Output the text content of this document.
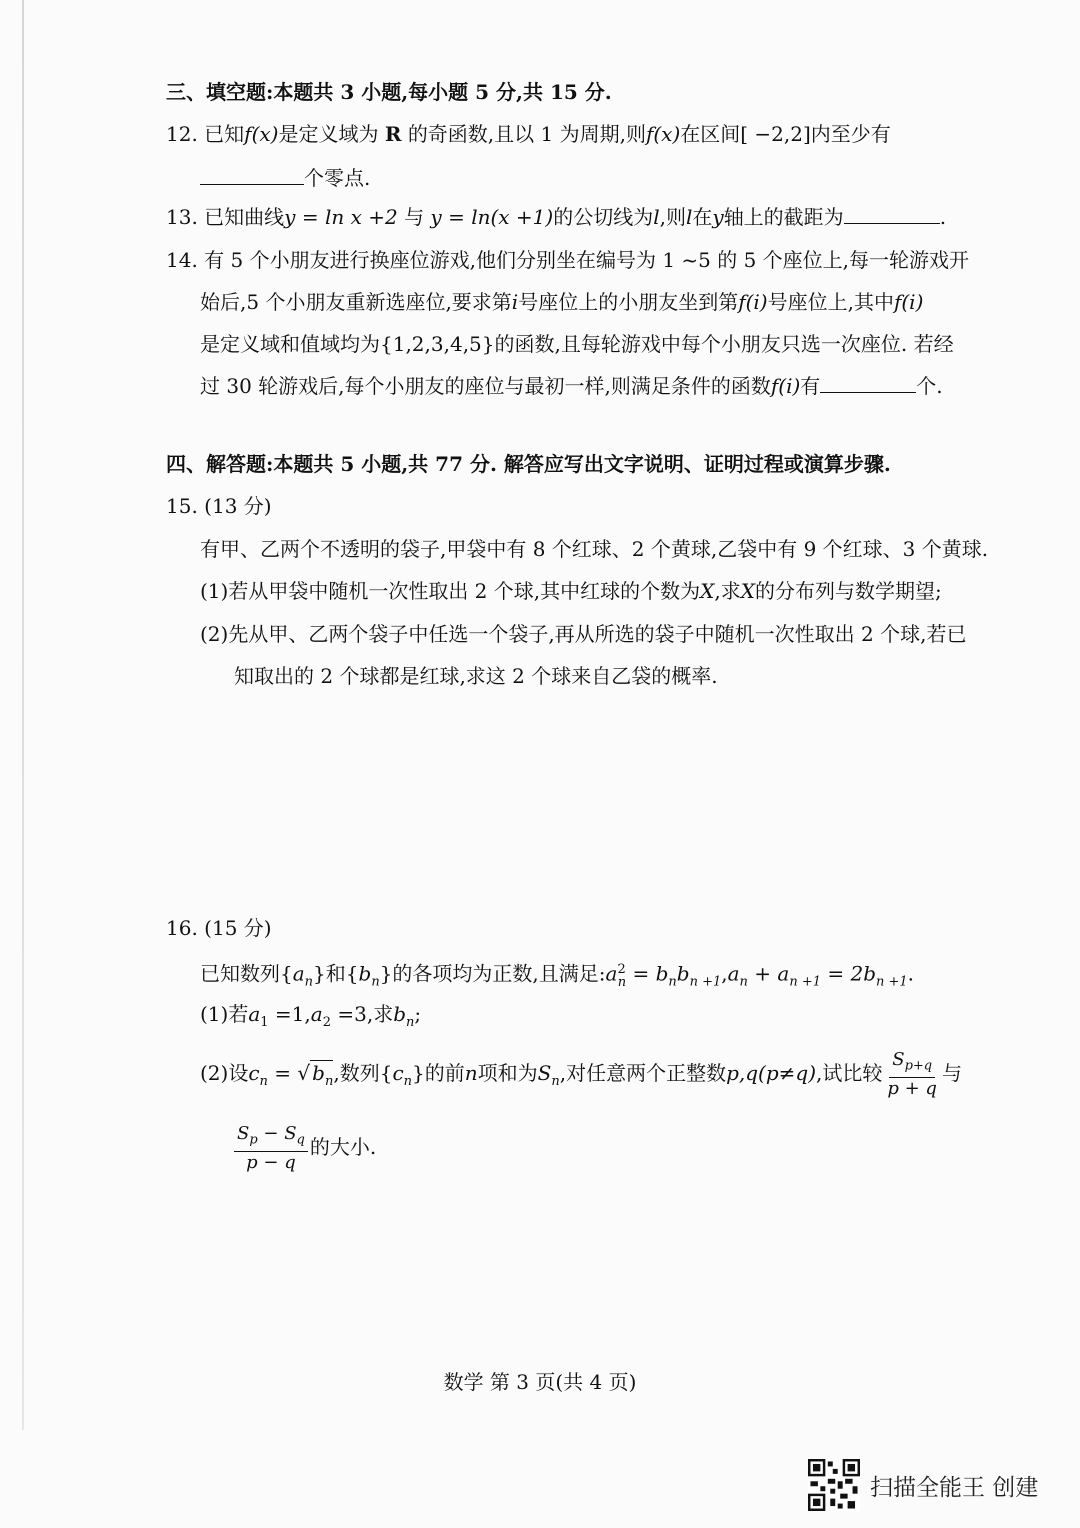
三、填空题:本题共 3 小题,每小题 5 分,共 15 分.
12. 已知f(x)是定义域为 R 的奇函数,且以 1 为周期,则f(x)在区间[ −2,2]内至少有
个零点.
13. 已知曲线y = ln x +2 与 y = ln(x +1)的公切线为l,则l在y轴上的截距为	.
14. 有 5 个小朋友进行换座位游戏,他们分别坐在编号为 1 ~5 的 5 个座位上,每一轮游戏开
始后,5 个小朋友重新选座位,要求第i号座位上的小朋友坐到第f(i)号座位上,其中f(i)
是定义域和值域均为{1,2,3,4,5}的函数,且每轮游戏中每个小朋友只选一次座位. 若经
过 30 轮游戏后,每个小朋友的座位与最初一样,则满足条件的函数f(i)有	个.
四、解答题:本题共 5 小题,共 77 分. 解答应写出文字说明、证明过程或演算步骤.
15. (13 分)
有甲、乙两个不透明的袋子,甲袋中有 8 个红球、2 个黄球,乙袋中有 9 个红球、3 个黄球.
(1)若从甲袋中随机一次性取出 2 个球,其中红球的个数为X,求X的分布列与数学期望;
(2)先从甲、乙两个袋子中任选一个袋子,再从所选的袋子中随机一次性取出 2 个球,若已
知取出的 2 个球都是红球,求这 2 个球来自乙袋的概率.
16. (15 分)
已知数列$\{a_n\}$和$\{b_n\}$的各项均为正数,且满足$:a^2_n = b_nb_{n +1},a_n + a_{n +1} = 2b_{n +1}$.
(1)若$a_1 =1,a_2 =3$,求$b_n$;
(2)设$c_n$ = √ $b_n$,数列$\{c_n\}$的前n项和为$S_n$,对任意两个正整数p,q(p≠q),试比较 $\frac{S_{p+q}}{p + q}$ 与
$\frac{S_p - S_q}{p - q}$ 的大小.
数学 第 3 页(共 4 页)
扫描全能王 创建
